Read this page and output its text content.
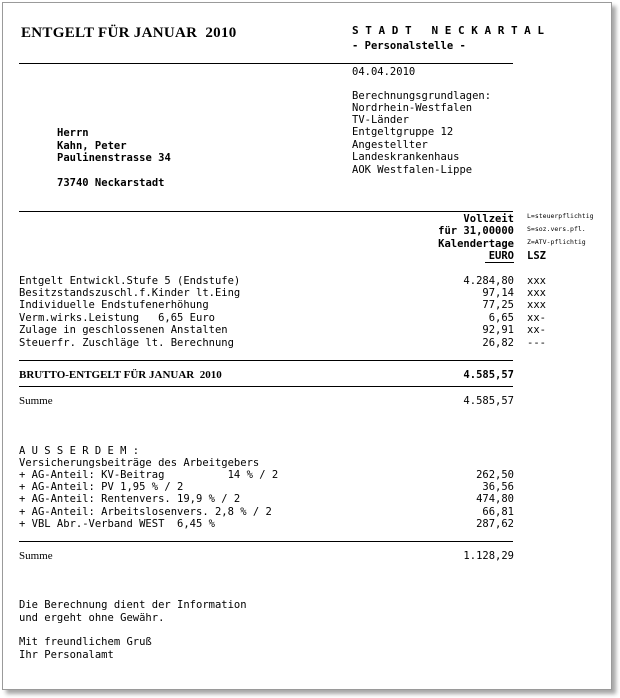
ENTGELT FÜR JANUAR  2010	S T A D T   N E C K A R T A L
- Personalstelle -
04.04.2010
Berechnungsgrundlagen:
Nordrhein-Westfalen
TV-Länder
Entgeltgruppe 12
Angestellter
Landeskrankenhaus
AOK Westfalen-Lippe
Herrn
Kahn, Peter
Paulinenstrasse 34
73740 Neckarstadt
Vollzeit
für 31,00000
Kalendertage
EURO LSZ
L=steuerpflichtig
S=soz.vers.pfl.
Z=ATV-pflichtig
Entgelt Entwickl.Stufe 5 (Endstufe)	4.284,80 xxx
Besitzstandszuschl.f.Kinder lt.Eing	97,14 xxx
Individuelle Endstufenerhöhung	77,25 xxx
Verm.wirks.Leistung   6,65 Euro	6,65 xx-
Zulage in geschlossenen Anstalten	92,91 xx-
Steuerfr. Zuschläge lt. Berechnung	26,82 ---
BRUTTO-ENTGELT FÜR JANUAR  2010	4.585,57
Summe	4.585,57
A U S S E R D E M :
Versicherungsbeiträge des Arbeitgebers
+ AG-Anteil: KV-Beitrag          14 % / 2	262,50
+ AG-Anteil: PV 1,95 % / 2	36,56
+ AG-Anteil: Rentenvers. 19,9 % / 2	474,80
+ AG-Anteil: Arbeitslosenvers. 2,8 % / 2	66,81
+ VBL Abr.-Verband WEST  6,45 %	287,62
Summe	1.128,29
Die Berechnung dient der Information
und ergeht ohne Gewähr.
Mit freundlichem Gruß
Ihr Personalamt
